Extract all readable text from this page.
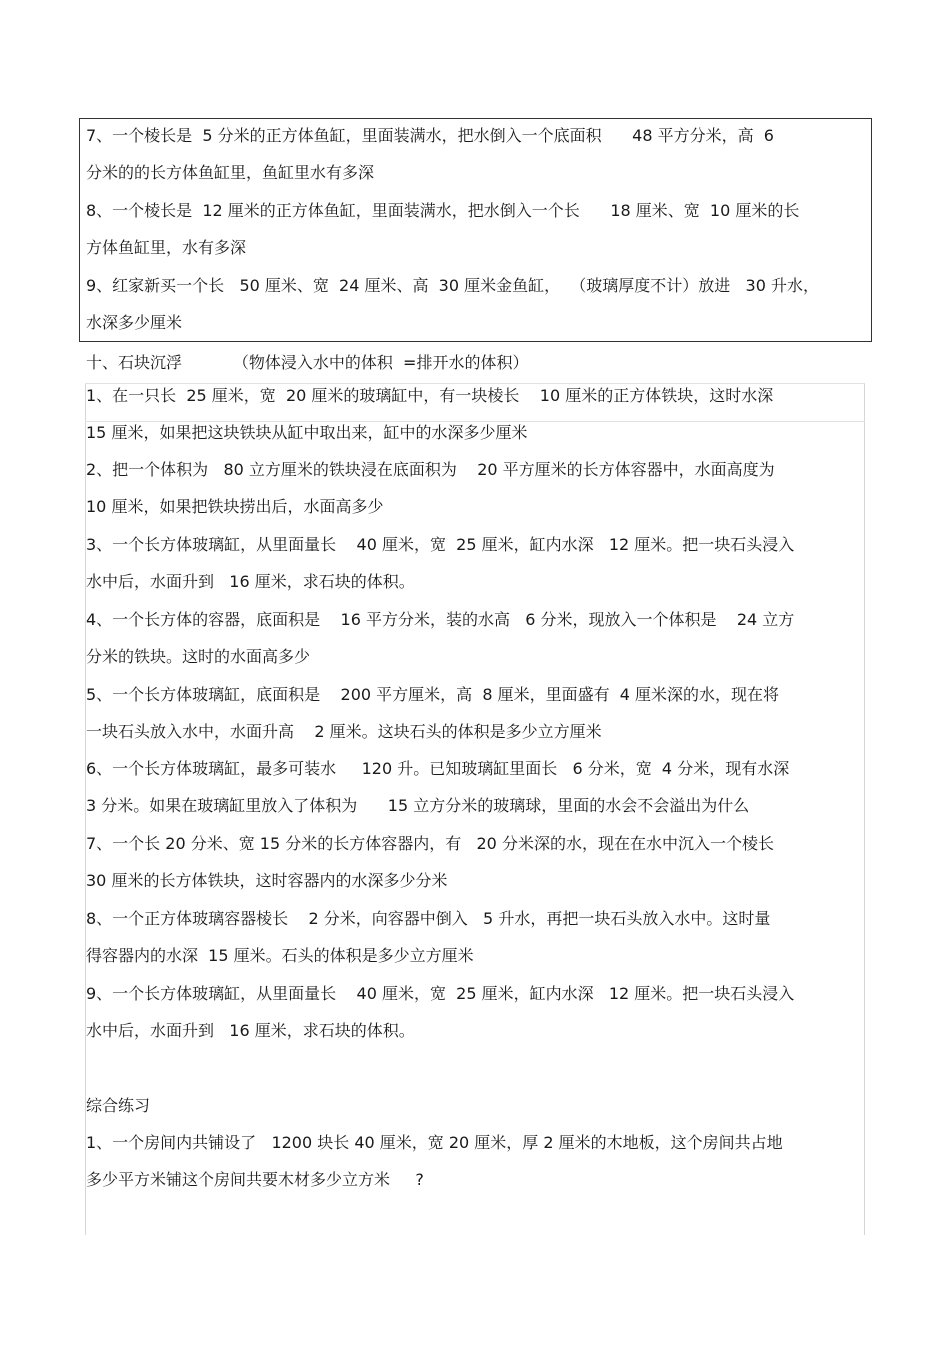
7、一个棱长是  5 分米的正方体鱼缸，里面装满水，把水倒入一个底面积      48 平方分米，高  6
分米的的长方体鱼缸里，鱼缸里水有多深
8、一个棱长是  12 厘米的正方体鱼缸，里面装满水，把水倒入一个长      18 厘米、宽  10 厘米的长
方体鱼缸里，水有多深
9、红家新买一个长   50 厘米、宽  24 厘米、高  30 厘米金鱼缸，  （玻璃厚度不计）放进   30 升水，
水深多少厘米
十、石块沉浮          （物体浸入水中的体积  =排开水的体积）
1、在一只长  25 厘米，宽  20 厘米的玻璃缸中，有一块棱长    10 厘米的正方体铁块，这时水深
15 厘米，如果把这块铁块从缸中取出来，缸中的水深多少厘米
2、把一个体积为   80 立方厘米的铁块浸在底面积为    20 平方厘米的长方体容器中，水面高度为
10 厘米，如果把铁块捞出后，水面高多少
3、一个长方体玻璃缸，从里面量长    40 厘米，宽  25 厘米，缸内水深   12 厘米。把一块石头浸入
水中后，水面升到   16 厘米，求石块的体积。
4、一个长方体的容器，底面积是    16 平方分米，装的水高   6 分米，现放入一个体积是    24 立方
分米的铁块。这时的水面高多少
5、一个长方体玻璃缸，底面积是    200 平方厘米，高  8 厘米，里面盛有  4 厘米深的水，现在将
一块石头放入水中，水面升高    2 厘米。这块石头的体积是多少立方厘米
6、一个长方体玻璃缸，最多可装水     120 升。已知玻璃缸里面长   6 分米，宽  4 分米，现有水深
3 分米。如果在玻璃缸里放入了体积为      15 立方分米的玻璃球，里面的水会不会溢出为什么
7、一个长 20 分米、宽 15 分米的长方体容器内，有   20 分米深的水，现在在水中沉入一个棱长
30 厘米的长方体铁块，这时容器内的水深多少分米
8、一个正方体玻璃容器棱长    2 分米，向容器中倒入   5 升水，再把一块石头放入水中。这时量
得容器内的水深  15 厘米。石头的体积是多少立方厘米
9、一个长方体玻璃缸，从里面量长    40 厘米，宽  25 厘米，缸内水深   12 厘米。把一块石头浸入
水中后，水面升到   16 厘米，求石块的体积。
综合练习
1、一个房间内共铺设了   1200 块长 40 厘米，宽 20 厘米，厚 2 厘米的木地板，这个房间共占地
多少平方米铺这个房间共要木材多少立方米     ?
